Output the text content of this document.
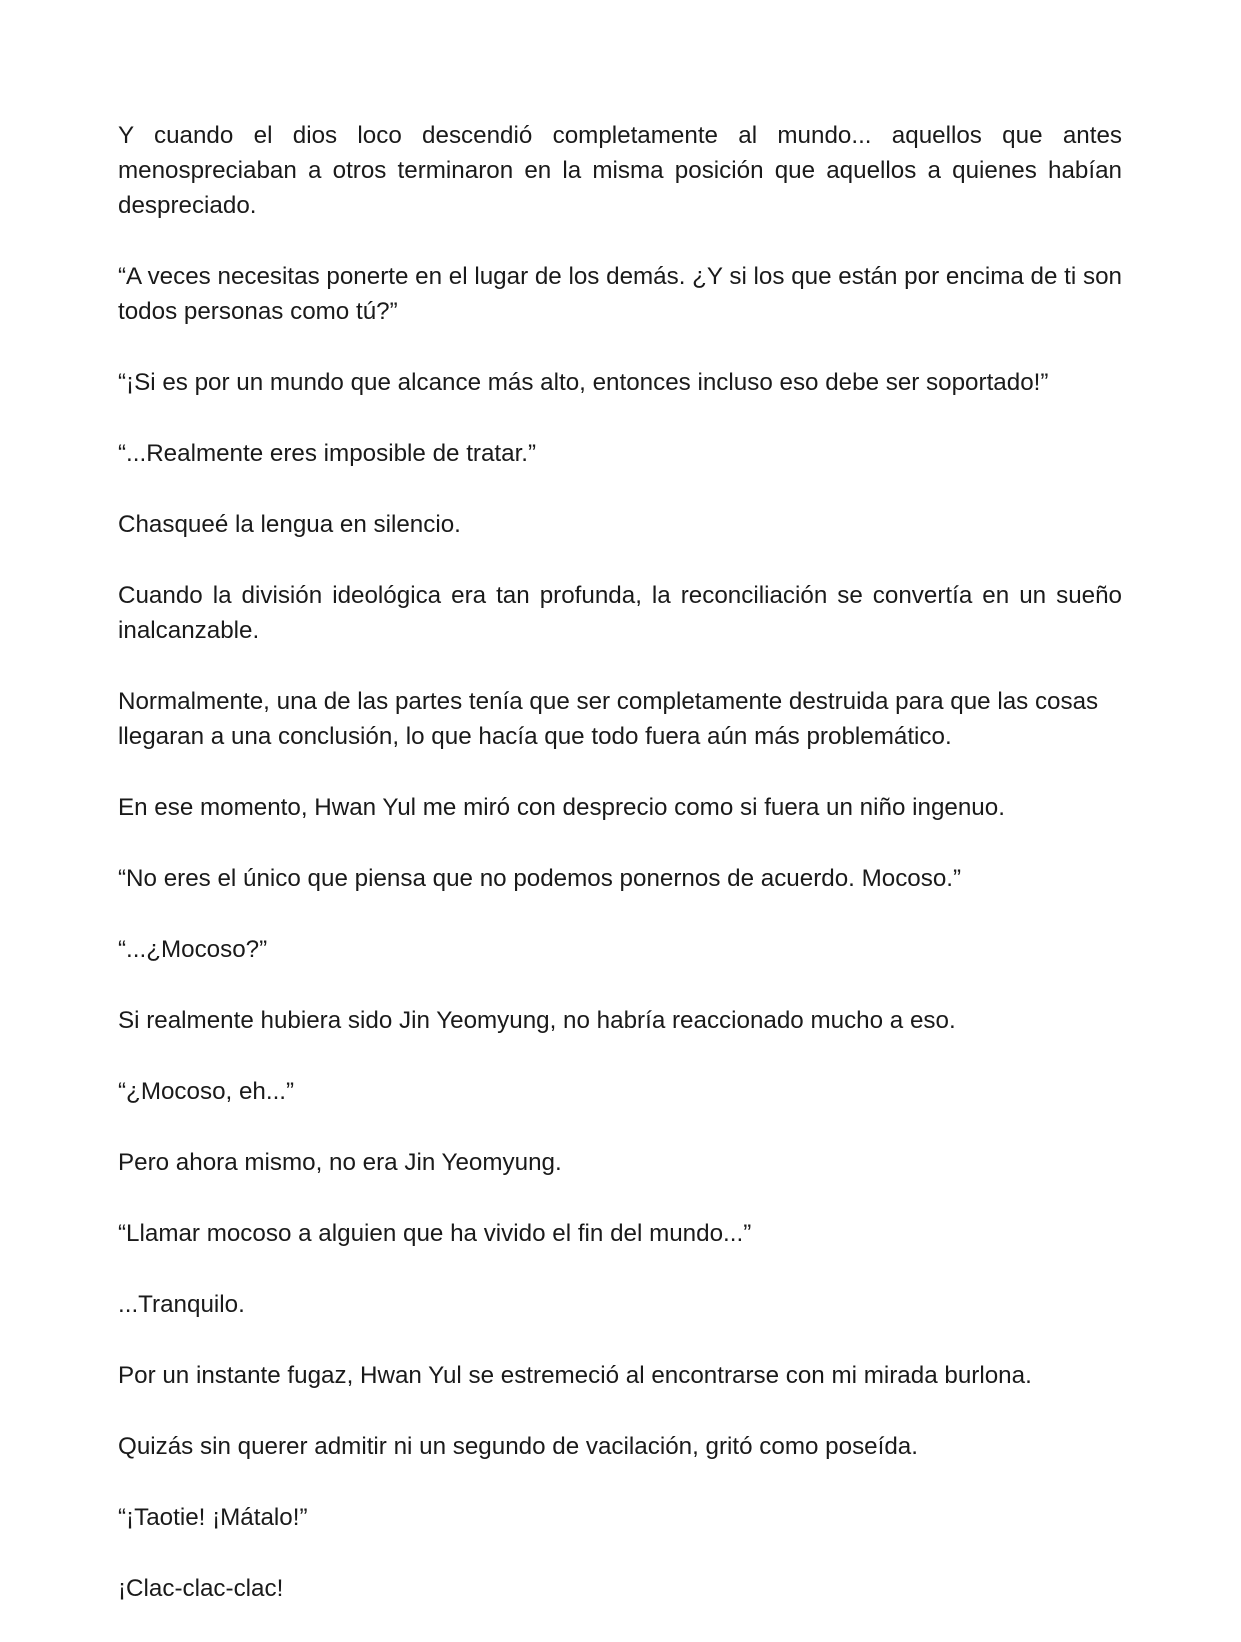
Y cuando el dios loco descendió completamente al mundo... aquellos que antes menospreciaban a otros terminaron en la misma posición que aquellos a quienes habían despreciado.

“A veces necesitas ponerte en el lugar de los demás. ¿Y si los que están por encima de ti son todos personas como tú?”

“¡Si es por un mundo que alcance más alto, entonces incluso eso debe ser soportado!”

“...Realmente eres imposible de tratar.”

Chasqueé la lengua en silencio.

Cuando la división ideológica era tan profunda, la reconciliación se convertía en un sueño inalcanzable.

Normalmente, una de las partes tenía que ser completamente destruida para que las cosas llegaran a una conclusión, lo que hacía que todo fuera aún más problemático.

En ese momento, Hwan Yul me miró con desprecio como si fuera un niño ingenuo.

“No eres el único que piensa que no podemos ponernos de acuerdo. Mocoso.”

“...¿Mocoso?”

Si realmente hubiera sido Jin Yeomyung, no habría reaccionado mucho a eso.

“¿Mocoso, eh...”

Pero ahora mismo, no era Jin Yeomyung.

“Llamar mocoso a alguien que ha vivido el fin del mundo...”

...Tranquilo.

Por un instante fugaz, Hwan Yul se estremeció al encontrarse con mi mirada burlona.

Quizás sin querer admitir ni un segundo de vacilación, gritó como poseída.

“¡Taotie! ¡Mátalo!”

¡Clac-clac-clac!
